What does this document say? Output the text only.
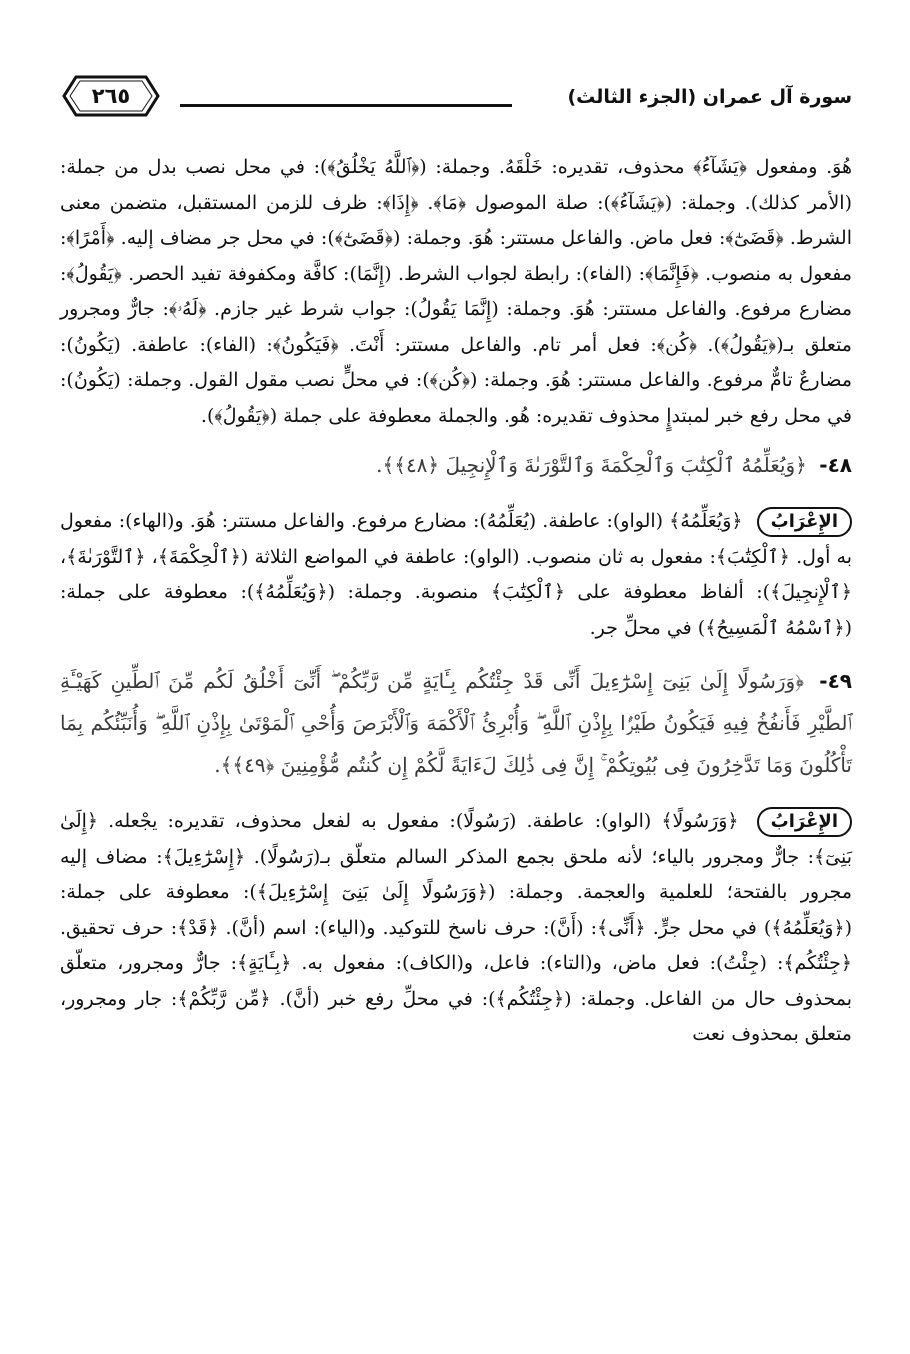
سورة آل عمران (الجزء الثالث)
٢٦٥

هُوَ. ومفعول ﴿يَشَآءُ﴾ محذوف، تقديره: خَلْقَهُ. وجملة: (﴿ٱللَّهُ يَخْلُقُ﴾): في محل نصب بدل من جملة: (الأمر كذلك). وجملة: (﴿يَشَآءُ﴾): صلة الموصول ﴿مَا﴾. ﴿إِذَا﴾: ظرف للزمن المستقبل، متضمن معنى الشرط. ﴿قَضَىٰٓ﴾: فعل ماض. والفاعل مستتر: هُوَ. وجملة: (﴿قَضَىٰٓ﴾): في محل جر مضاف إليه. ﴿أَمْرًا﴾: مفعول به منصوب. ﴿فَإِنَّمَا﴾: (الفاء): رابطة لجواب الشرط. (إِنَّمَا): كافَّة ومكفوفة تفيد الحصر. ﴿يَقُولُ﴾: مضارع مرفوع. والفاعل مستتر: هُوَ. وجملة: (إِنَّمَا يَقُولُ): جواب شرط غير جازم. ﴿لَهُۥ﴾: جارٌّ ومجرور متعلق بـ(﴿يَقُولُ﴾). ﴿كُن﴾: فعل أمر تام. والفاعل مستتر: أَنْتَ. ﴿فَيَكُونُ﴾: (الفاء): عاطفة. (يَكُونُ): مضارعٌ تامٌّ مرفوع. والفاعل مستتر: هُوَ. وجملة: (﴿كُن﴾): في محلٍّ نصب مقول القول. وجملة: (يَكُونُ): في محل رفع خبر لمبتدإٍ محذوف تقديره: هُو. والجملة معطوفة على جملة (﴿يَقُولُ﴾).

٤٨- ﴿وَيُعَلِّمُهُ ٱلْكِتَٰبَ وَٱلْحِكْمَةَ وَٱلتَّوْرَىٰةَ وَٱلْإِنجِيلَ ﴿٤٨﴾﴾.

الإِعْرَابُ ﴿وَيُعَلِّمُهُ﴾ (الواو): عاطفة. (يُعَلِّمُهُ): مضارع مرفوع. والفاعل مستتر: هُوَ. و(الهاء): مفعول به أول. ﴿ٱلْكِتَٰبَ﴾: مفعول به ثان منصوب. (الواو): عاطفة في المواضع الثلاثة (﴿ٱلْحِكْمَةَ﴾، ﴿ٱلتَّوْرَىٰةَ﴾، ﴿ٱلْإِنجِيلَ﴾): ألفاظ معطوفة على ﴿ٱلْكِتَٰبَ﴾ منصوبة. وجملة: (﴿وَيُعَلِّمُهُ﴾): معطوفة على جملة: (﴿ٱسْمُهُ ٱلْمَسِيحُ﴾) في محلِّ جر.

٤٩- ﴿وَرَسُولًا إِلَىٰ بَنِىٓ إِسْرَٰٓءِيلَ أَنِّى قَدْ جِئْتُكُم بِـَٔايَةٍ مِّن رَّبِّكُمْ ۖ أَنِّىٓ أَخْلُقُ لَكُم مِّنَ ٱلطِّينِ كَهَيْـَٔةِ ٱلطَّيْرِ فَأَنفُخُ فِيهِ فَيَكُونُ طَيْرًۢا بِإِذْنِ ٱللَّهِ ۖ وَأُبْرِئُ ٱلْأَكْمَهَ وَٱلْأَبْرَصَ وَأُحْىِ ٱلْمَوْتَىٰ بِإِذْنِ ٱللَّهِ ۖ وَأُنَبِّئُكُم بِمَا تَأْكُلُونَ وَمَا تَدَّخِرُونَ فِى بُيُوتِكُمْ ۚ إِنَّ فِى ذَٰلِكَ لَءَايَةً لَّكُمْ إِن كُنتُم مُّؤْمِنِينَ ﴿٤٩﴾﴾.

الإِعْرَابُ ﴿وَرَسُولًا﴾ (الواو): عاطفة. (رَسُولًا): مفعول به لفعل محذوف، تقديره: يجْعله. ﴿إِلَىٰ بَنِىٓ﴾: جارٌّ ومجرور بالياء؛ لأنه ملحق بجمع المذكر السالم متعلّق بـ(رَسُولًا). ﴿إِسْرَٰٓءِيلَ﴾: مضاف إليه مجرور بالفتحة؛ للعلمية والعجمة. وجملة: (﴿وَرَسُولًا إِلَىٰ بَنِىٓ إِسْرَٰٓءِيلَ﴾): معطوفة على جملة: (﴿وَيُعَلِّمُهُ﴾) في محل جرٍّ. ﴿أَنِّى﴾: (أَنَّ): حرف ناسخ للتوكيد. و(الياء): اسم (أنَّ). ﴿قَدْ﴾: حرف تحقيق. ﴿جِئْتُكُم﴾: (جِئْتُ): فعل ماض، و(التاء): فاعل، و(الكاف): مفعول به. ﴿بِـَٔايَةٍ﴾: جارٌّ ومجرور، متعلّق بمحذوف حال من الفاعل. وجملة: (﴿جِئْتُكُم﴾): في محلِّ رفع خبر (أنَّ). ﴿مِّن رَّبِّكُمْ﴾: جار ومجرور، متعلق بمحذوف نعت
